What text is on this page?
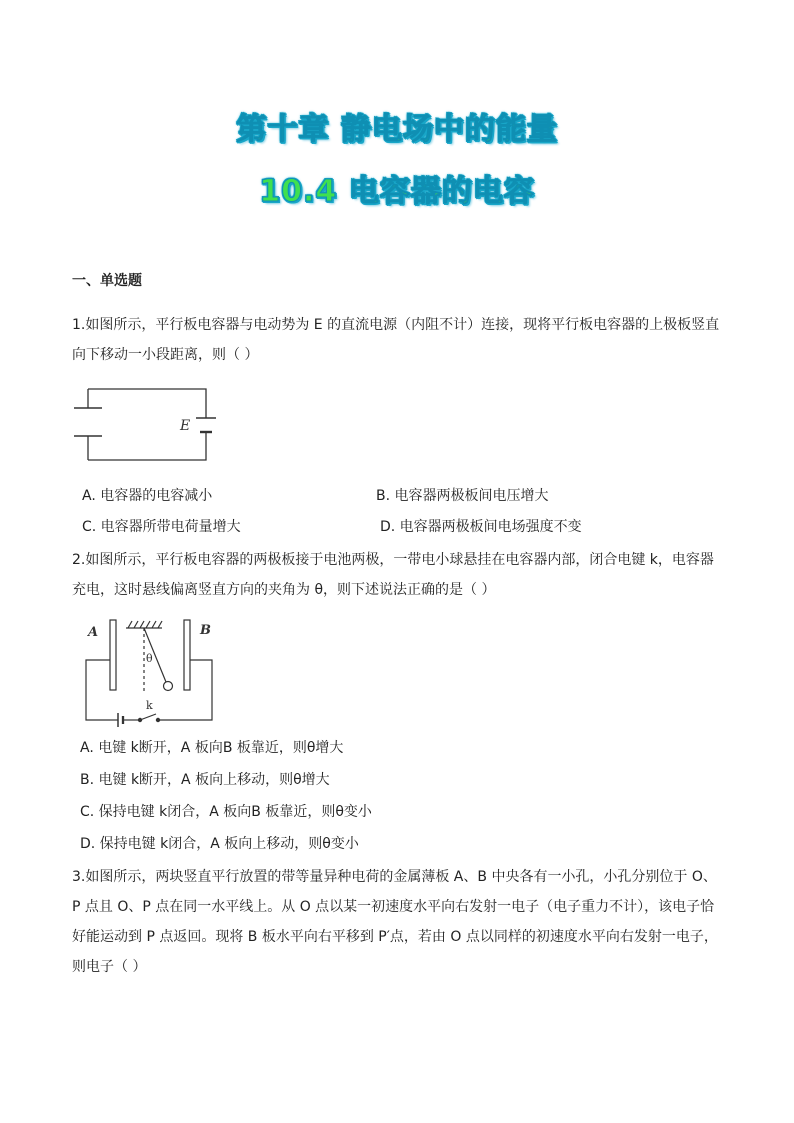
第十章 静电场中的能量
10.4 电容器的电容
一、单选题
1.如图所示，平行板电容器与电动势为 E 的直流电源（内阻不计）连接，现将平行板电容器的上极板竖直向下移动一小段距离，则（ ）
E
A. 电容器的电容减小	B. 电容器两极板间电压增大
C. 电容器所带电荷量增大	D. 电容器两极板间电场强度不变
2.如图所示，平行板电容器的两极板接于电池两极，一带电小球悬挂在电容器内部，闭合电键 k，电容器充电，这时悬线偏离竖直方向的夹角为 θ，则下述说法正确的是（ ）
A	B
θ
k
A. 电键 k断开，A 板向B 板靠近，则θ增大
B. 电键 k断开，A 板向上移动，则θ增大
C. 保持电键 k闭合，A 板向B 板靠近，则θ变小
D. 保持电键 k闭合，A 板向上移动，则θ变小
3.如图所示，两块竖直平行放置的带等量异种电荷的金属薄板 A、B 中央各有一小孔，小孔分别位于 O、P 点且 O、P 点在同一水平线上。从 O 点以某一初速度水平向右发射一电子（电子重力不计），该电子恰好能运动到 P 点返回。现将 B 板水平向右平移到 P′点，若由 O 点以同样的初速度水平向右发射一电子，则电子（ ）
